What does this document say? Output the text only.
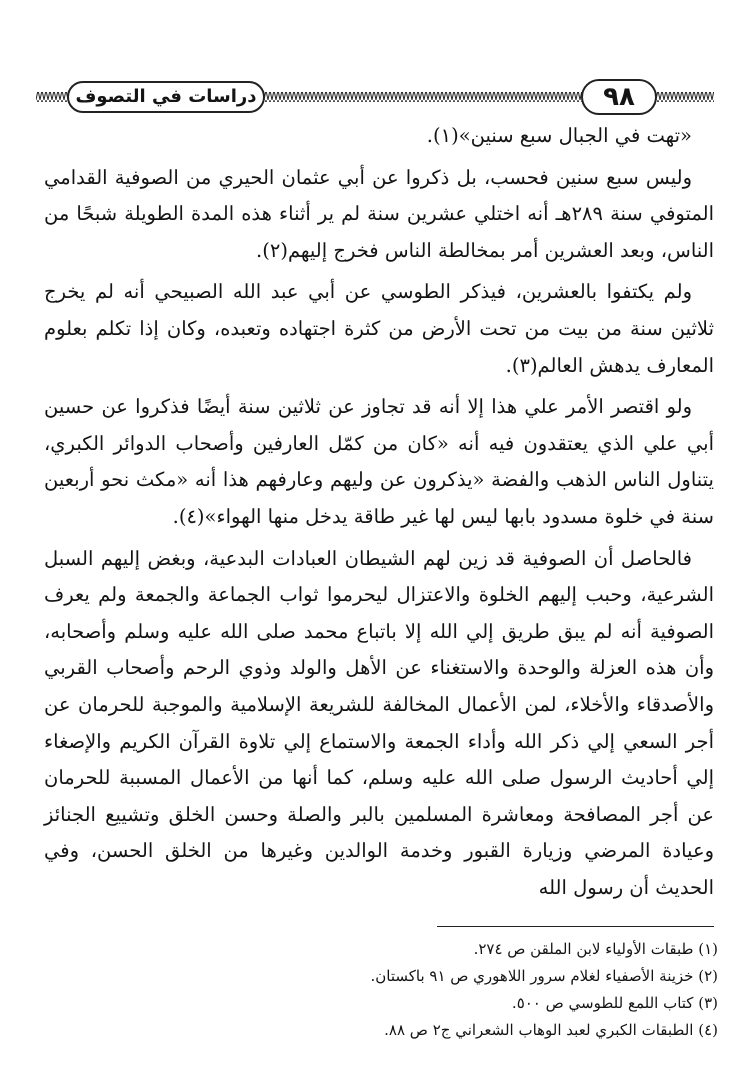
٩٨
دراسات في التصوف

«تهت في الجبال سبع سنين»(١).

وليس سبع سنين فحسب، بل ذكروا عن أبي عثمان الحيري من الصوفية القدامي المتوفي سنة ٢٨٩هـ أنه اختلي عشرين سنة لم ير أثناء هذه المدة الطويلة شبحًا من الناس، وبعد العشرين أمر بمخالطة الناس فخرج إليهم(٢).

ولم يكتفوا بالعشرين، فيذكر الطوسي عن أبي عبد الله الصبيحي أنه لم يخرج ثلاثين سنة من بيت من تحت الأرض من كثرة اجتهاده وتعبده، وكان إذا تكلم بعلوم المعارف يدهش العالم(٣).

ولو اقتصر الأمر علي هذا إلا أنه قد تجاوز عن ثلاثين سنة أيضًا فذكروا عن حسين أبي علي الذي يعتقدون فيه أنه «كان من كمّل العارفين وأصحاب الدوائر الكبري، يتناول الناس الذهب والفضة «يذكرون عن وليهم وعارفهم هذا أنه «مكث نحو أربعين سنة في خلوة مسدود بابها ليس لها غير طاقة يدخل منها الهواء»(٤).

فالحاصل أن الصوفية قد زين لهم الشيطان العبادات البدعية، وبغض إليهم السبل الشرعية، وحبب إليهم الخلوة والاعتزال ليحرموا ثواب الجماعة والجمعة ولم يعرف الصوفية أنه لم يبق طريق إلي الله إلا باتباع محمد صلى الله عليه وسلم وأصحابه، وأن هذه العزلة والوحدة والاستغناء عن الأهل والولد وذوي الرحم وأصحاب القربي والأصدقاء والأخلاء، لمن الأعمال المخالفة للشريعة الإسلامية والموجبة للحرمان عن أجر السعي إلي ذكر الله وأداء الجمعة والاستماع إلي تلاوة القرآن الكريم والإصغاء إلي أحاديث الرسول صلى الله عليه وسلم، كما أنها من الأعمال المسببة للحرمان عن أجر المصافحة ومعاشرة المسلمين بالبر والصلة وحسن الخلق وتشييع الجنائز وعيادة المرضي وزيارة القبور وخدمة الوالدين وغيرها من الخلق الحسن، وفي الحديث أن رسول الله

(١) طبقات الأولياء لابن الملقن ص ٢٧٤.
(٢) خزينة الأصفياء لغلام سرور اللاهوري ص ٩١ باكستان.
(٣) كتاب اللمع للطوسي ص ٥٠٠.
(٤) الطبقات الكبري لعبد الوهاب الشعراني ج٢ ص ٨٨.
